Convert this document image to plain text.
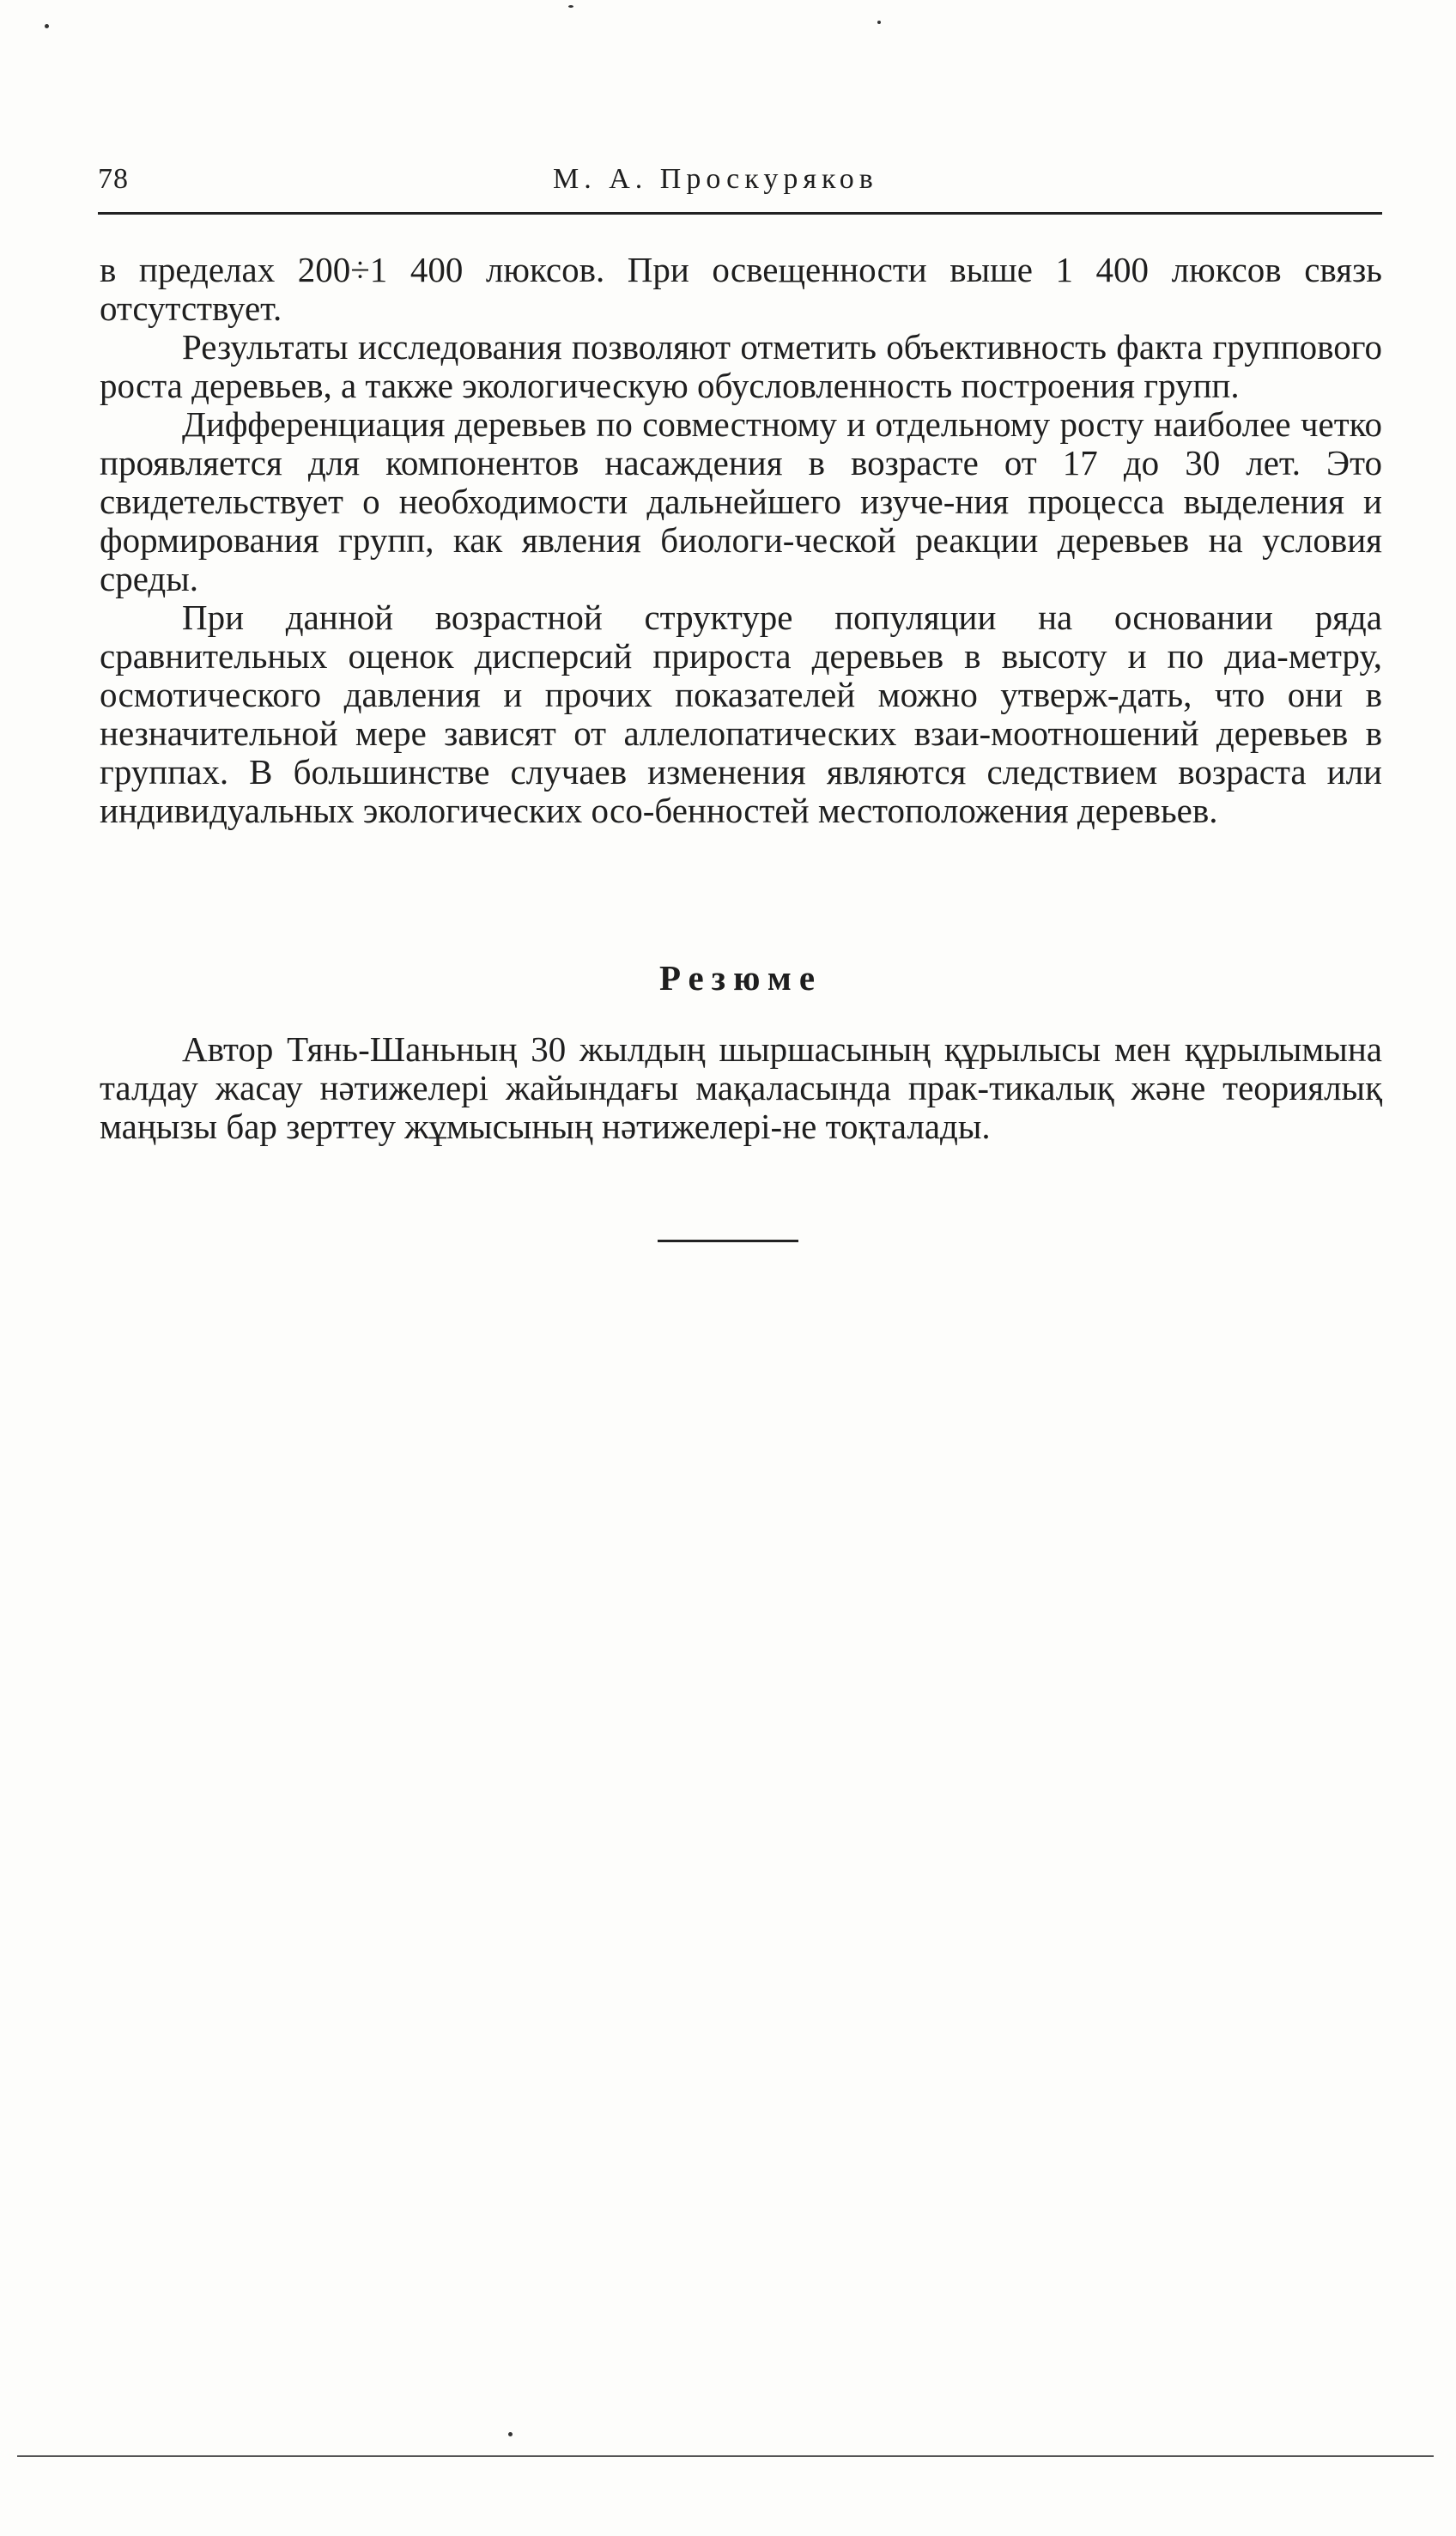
78	М. А. Проскуряков

в пределах 200÷1 400 люксов. При освещенности выше 1 400 люксов связь отсутствует.

Результаты исследования позволяют отметить объективность факта группового роста деревьев, а также экологическую обусловленность построения групп.

Дифференциация деревьев по совместному и отдельному росту наиболее четко проявляется для компонентов насаждения в возрасте от 17 до 30 лет. Это свидетельствует о необходимости дальнейшего изуче-ния процесса выделения и формирования групп, как явления биологи-ческой реакции деревьев на условия среды.

При данной возрастной структуре популяции на основании ряда сравнительных оценок дисперсий прироста деревьев в высоту и по диа-метру, осмотического давления и прочих показателей можно утверж-дать, что они в незначительной мере зависят от аллелопатических взаи-моотношений деревьев в группах. В большинстве случаев изменения являются следствием возраста или индивидуальных экологических осо-бенностей местоположения деревьев.

Резюме

Автор Тянь-Шаньның 30 жылдың шыршасының құрылысы мен құрылымына талдау жасау нәтижелері жайындағы мақаласында прак-тикалық және теориялық маңызы бар зерттеу жұмысының нәтижелері-не тоқталады.
